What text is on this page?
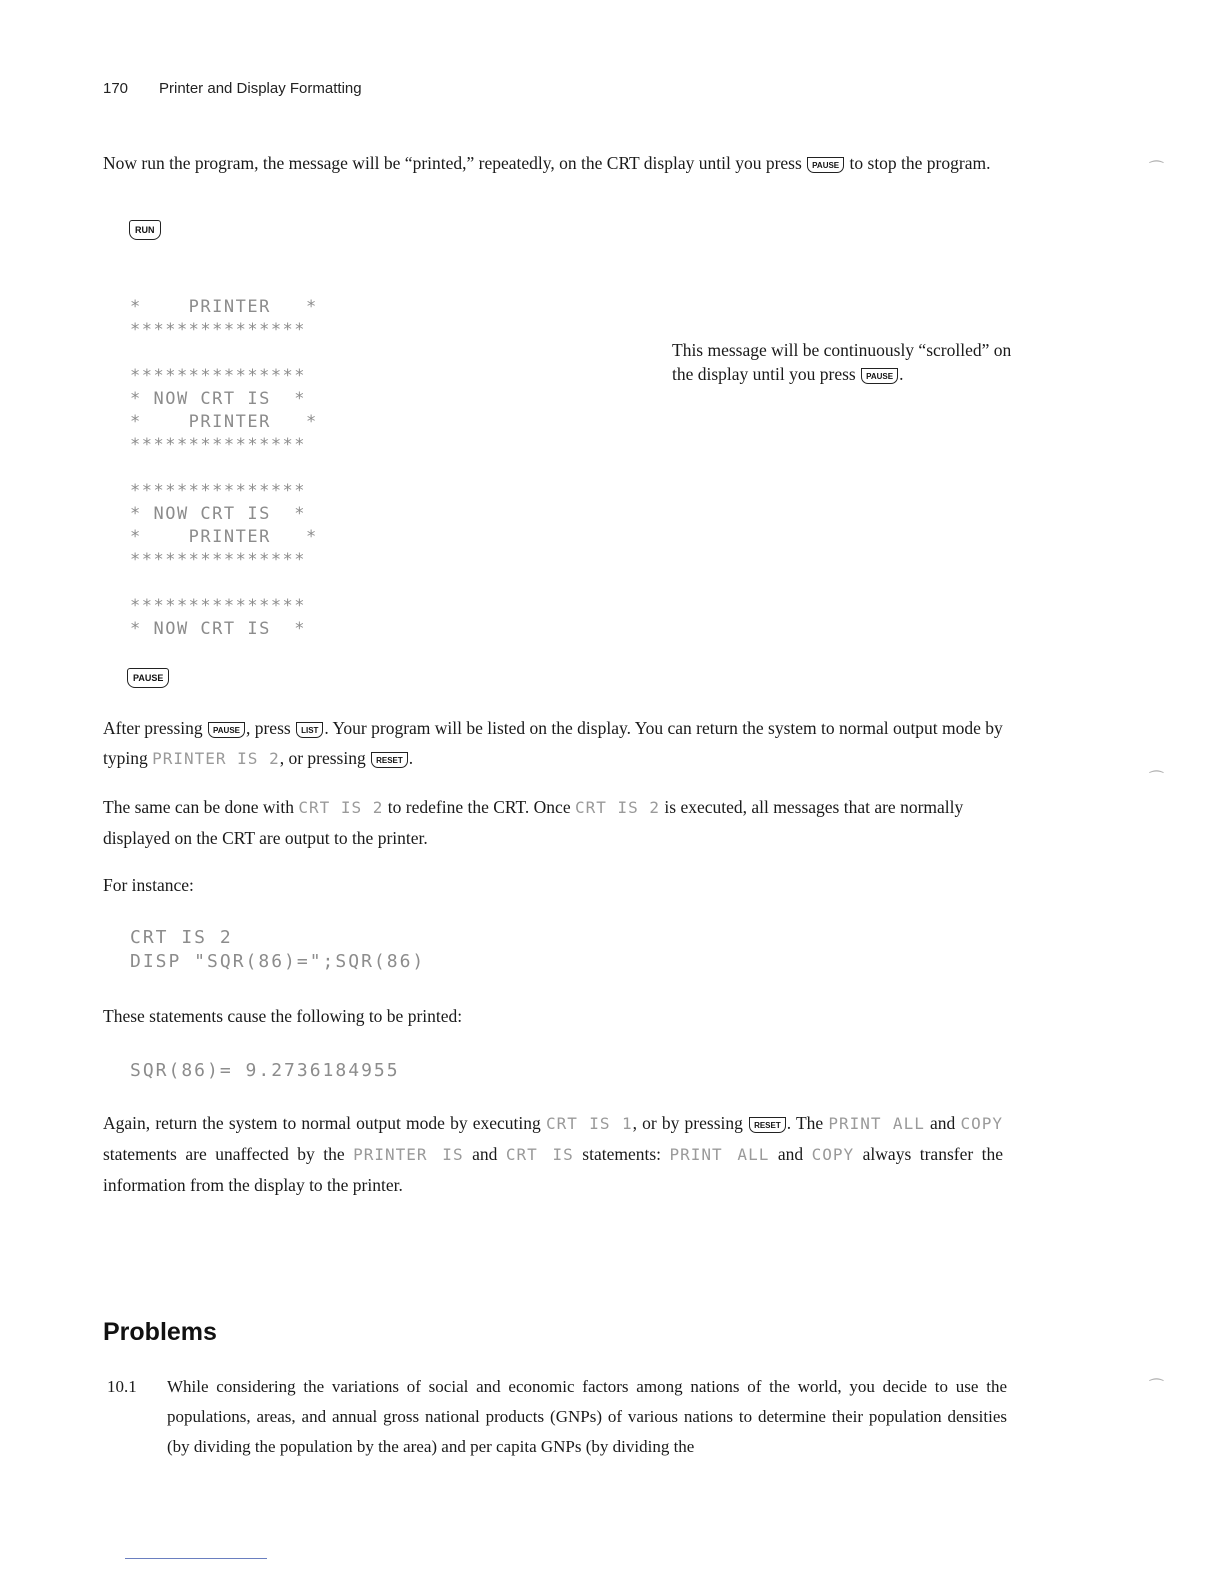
170 Printer and Display Formatting
Now run the program, the message will be “printed,” repeatedly, on the CRT display until you press PAUSE to stop the program.
RUN
*    PRINTER   *
***************

***************
* NOW CRT IS  *
*    PRINTER   *
***************

***************
* NOW CRT IS  *
*    PRINTER   *
***************

***************
* NOW CRT IS  *
This message will be continuously “scrolled” on the display until you press PAUSE .
PAUSE
After pressing PAUSE , press LIST . Your program will be listed on the display. You can return the system to normal output mode by typing PRINTER IS 2, or pressing RESET .
The same can be done with CRT IS 2 to redefine the CRT. Once CRT IS 2 is executed, all messages that are normally displayed on the CRT are output to the printer.
For instance:
CRT IS 2
DISP "SQR(86)=";SQR(86)
These statements cause the following to be printed:
SQR(86)= 9.2736184955
Again, return the system to normal output mode by executing CRT IS 1, or by pressing RESET . The PRINT ALL and COPY statements are unaffected by the PRINTER IS and CRT IS statements: PRINT ALL and COPY always transfer the information from the display to the printer.
Problems
10.1 While considering the variations of social and economic factors among nations of the world, you decide to use the populations, areas, and annual gross national products (GNPs) of various nations to determine their population densities (by dividing the population by the area) and per capita GNPs (by dividing the
⁀
⁀
⁀
